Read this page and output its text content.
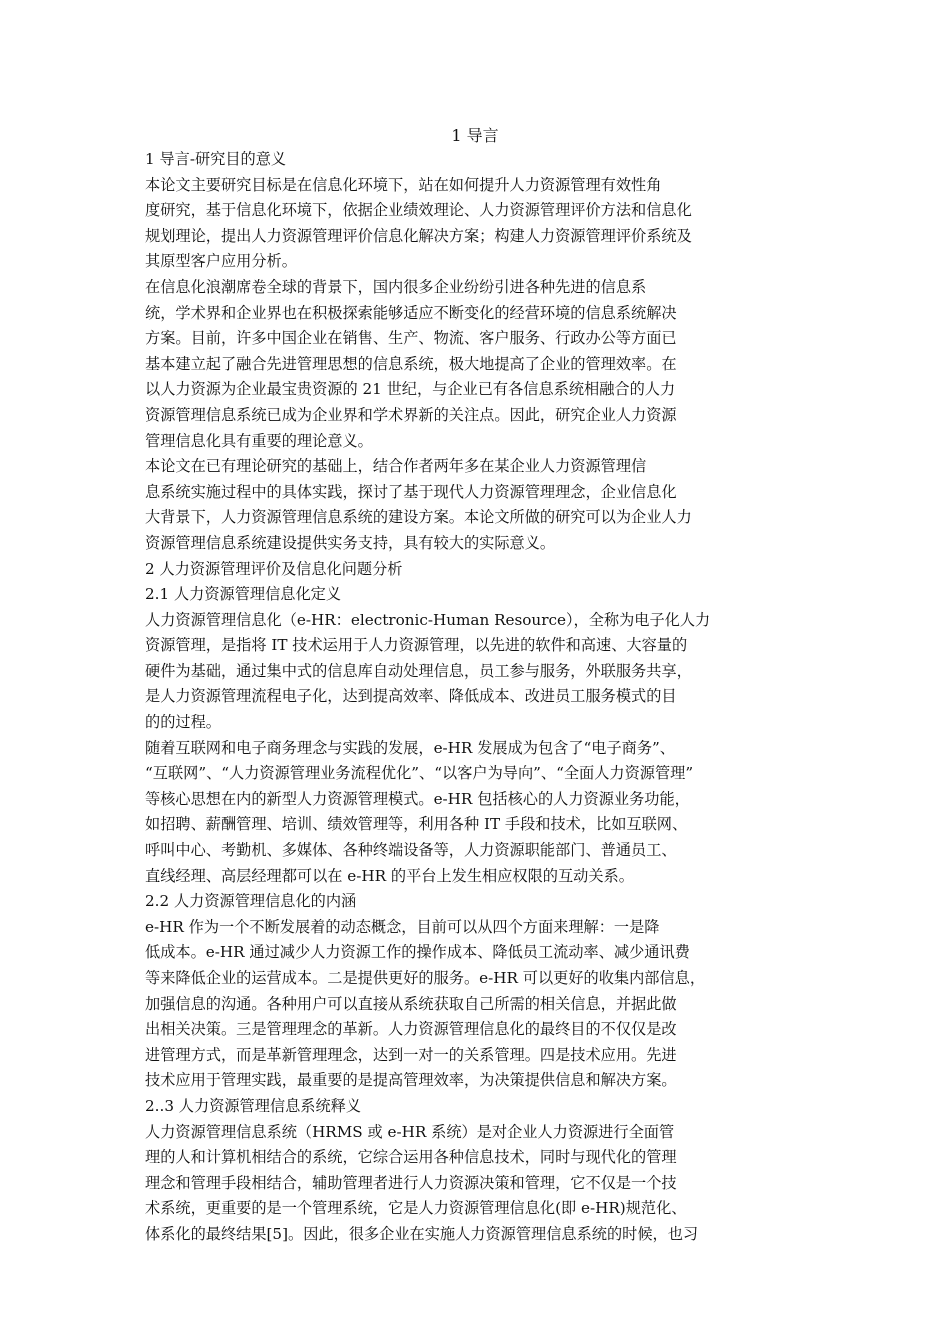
1 导言
1 导言-研究目的意义
本论文主要研究目标是在信息化环境下，站在如何提升人力资源管理有效性角
度研究，基于信息化环境下，依据企业绩效理论、人力资源管理评价方法和信息化
规划理论，提出人力资源管理评价信息化解决方案；构建人力资源管理评价系统及
其原型客户应用分析。
在信息化浪潮席卷全球的背景下，国内很多企业纷纷引进各种先进的信息系
统，学术界和企业界也在积极探索能够适应不断变化的经营环境的信息系统解决
方案。目前，许多中国企业在销售、生产、物流、客户服务、行政办公等方面已
基本建立起了融合先进管理思想的信息系统，极大地提高了企业的管理效率。在
以人力资源为企业最宝贵资源的 21 世纪，与企业已有各信息系统相融合的人力
资源管理信息系统已成为企业界和学术界新的关注点。因此，研究企业人力资源
管理信息化具有重要的理论意义。
本论文在已有理论研究的基础上，结合作者两年多在某企业人力资源管理信
息系统实施过程中的具体实践，探讨了基于现代人力资源管理理念，企业信息化
大背景下，人力资源管理信息系统的建设方案。本论文所做的研究可以为企业人力
资源管理信息系统建设提供实务支持，具有较大的实际意义。
2 人力资源管理评价及信息化问题分析
2.1 人力资源管理信息化定义
人力资源管理信息化（e-HR：electronic-Human Resource），全称为电子化人力
资源管理，是指将 IT 技术运用于人力资源管理，以先进的软件和高速、大容量的
硬件为基础，通过集中式的信息库自动处理信息，员工参与服务，外联服务共享，
是人力资源管理流程电子化，达到提高效率、降低成本、改进员工服务模式的目
的的过程。
随着互联网和电子商务理念与实践的发展，e-HR 发展成为包含了“电子商务”、
“互联网”、“人力资源管理业务流程优化”、“以客户为导向”、“全面人力资源管理”
等核心思想在内的新型人力资源管理模式。e-HR 包括核心的人力资源业务功能，
如招聘、薪酬管理、培训、绩效管理等，利用各种 IT 手段和技术，比如互联网、
呼叫中心、考勤机、多媒体、各种终端设备等，人力资源职能部门、普通员工、
直线经理、高层经理都可以在 e-HR 的平台上发生相应权限的互动关系。
2.2 人力资源管理信息化的内涵
e-HR 作为一个不断发展着的动态概念，目前可以从四个方面来理解：一是降
低成本。e-HR 通过减少人力资源工作的操作成本、降低员工流动率、减少通讯费
等来降低企业的运营成本。二是提供更好的服务。e-HR 可以更好的收集内部信息，
加强信息的沟通。各种用户可以直接从系统获取自己所需的相关信息，并据此做
出相关决策。三是管理理念的革新。人力资源管理信息化的最终目的不仅仅是改
进管理方式，而是革新管理理念，达到一对一的关系管理。四是技术应用。先进
技术应用于管理实践，最重要的是提高管理效率，为决策提供信息和解决方案。
2..3 人力资源管理信息系统释义
人力资源管理信息系统（HRMS 或 e-HR 系统）是对企业人力资源进行全面管
理的人和计算机相结合的系统，它综合运用各种信息技术，同时与现代化的管理
理念和管理手段相结合，辅助管理者进行人力资源决策和管理，它不仅是一个技
术系统，更重要的是一个管理系统，它是人力资源管理信息化(即 e-HR)规范化、
体系化的最终结果[5]。因此，很多企业在实施人力资源管理信息系统的时候，也习
